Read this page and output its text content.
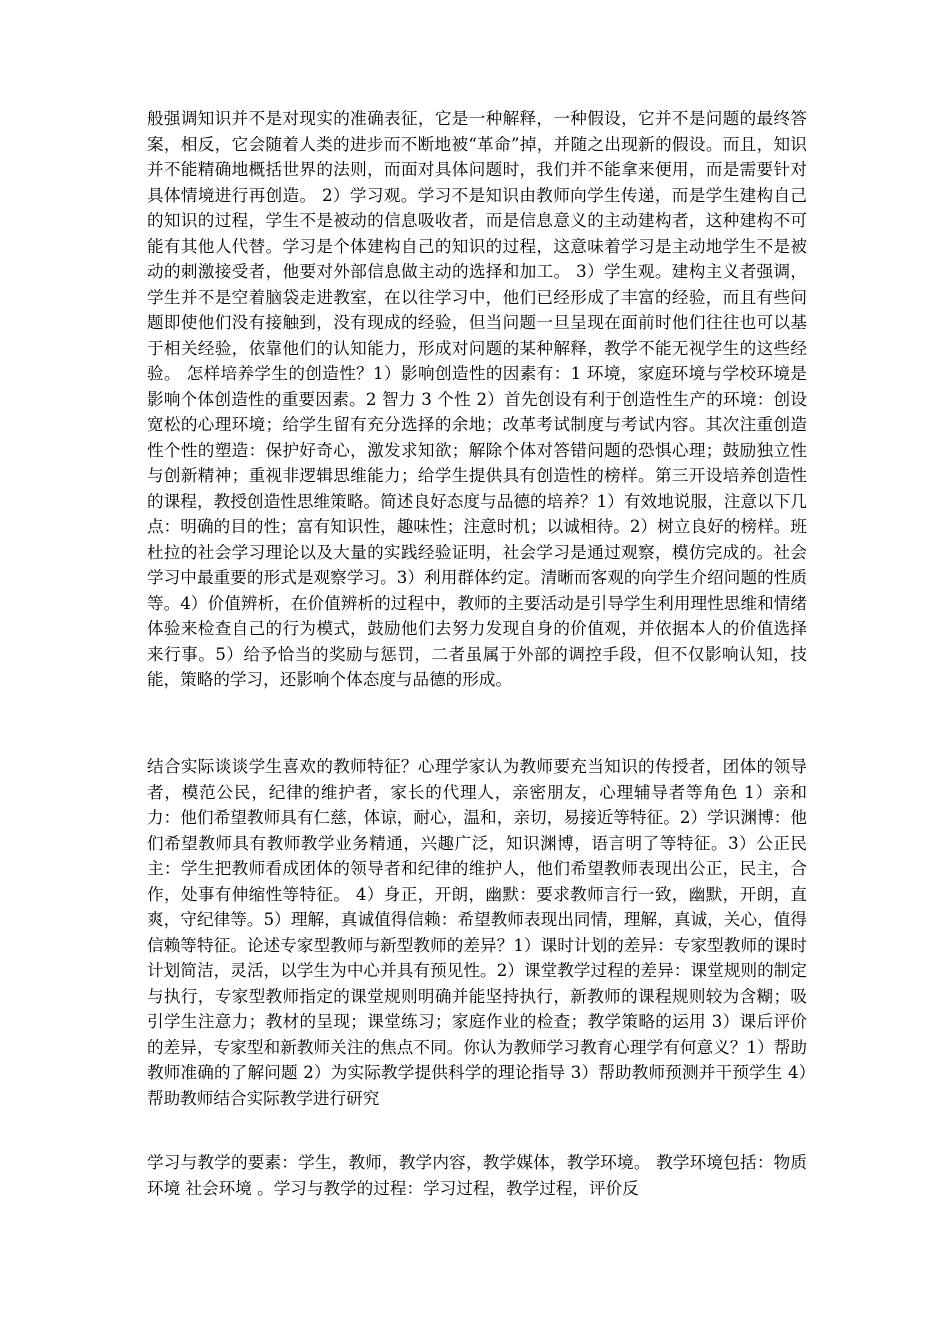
般强调知识并不是对现实的准确表征，它是一种解释，一种假设，它并不是问题的最终答案，相反，它会随着人类的进步而不断地被“革命”掉，并随之出现新的假设。而且，知识并不能精确地概括世界的法则，而面对具体问题时，我们并不能拿来便用，而是需要针对具体情境进行再创造。 2）学习观。学习不是知识由教师向学生传递，而是学生建构自己的知识的过程，学生不是被动的信息吸收者，而是信息意义的主动建构者，这种建构不可能有其他人代替。学习是个体建构自己的知识的过程，这意味着学习是主动地学生不是被动的刺激接受者，他要对外部信息做主动的选择和加工。 3）学生观。建构主义者强调，学生并不是空着脑袋走进教室，在以往学习中，他们已经形成了丰富的经验，而且有些问题即使他们没有接触到，没有现成的经验，但当问题一旦呈现在面前时他们往往也可以基于相关经验，依靠他们的认知能力，形成对问题的某种解释，教学不能无视学生的这些经验。 怎样培养学生的创造性？1）影响创造性的因素有：1 环境，家庭环境与学校环境是影响个体创造性的重要因素。2 智力 3 个性 2）首先创设有利于创造性生产的环境：创设宽松的心理环境；给学生留有充分选择的余地；改革考试制度与考试内容。其次注重创造性个性的塑造：保护好奇心，激发求知欲；解除个体对答错问题的恐惧心理；鼓励独立性与创新精神；重视非逻辑思维能力；给学生提供具有创造性的榜样。第三开设培养创造性的课程，教授创造性思维策略。简述良好态度与品德的培养？1）有效地说服，注意以下几点：明确的目的性；富有知识性，趣味性；注意时机；以诚相待。2）树立良好的榜样。班杜拉的社会学习理论以及大量的实践经验证明，社会学习是通过观察，模仿完成的。社会学习中最重要的形式是观察学习。3）利用群体约定。清晰而客观的向学生介绍问题的性质等。4）价值辨析，在价值辨析的过程中，教师的主要活动是引导学生利用理性思维和情绪体验来检查自己的行为模式，鼓励他们去努力发现自身的价值观，并依据本人的价值选择来行事。5）给予恰当的奖励与惩罚，二者虽属于外部的调控手段，但不仅影响认知，技能，策略的学习，还影响个体态度与品德的形成。

结合实际谈谈学生喜欢的教师特征？心理学家认为教师要充当知识的传授者，团体的领导者，模范公民，纪律的维护者，家长的代理人，亲密朋友，心理辅导者等角色 1）亲和力：他们希望教师具有仁慈，体谅，耐心，温和，亲切，易接近等特征。2）学识渊博：他们希望教师具有教师教学业务精通，兴趣广泛，知识渊博，语言明了等特征。3）公正民主：学生把教师看成团体的领导者和纪律的维护人，他们希望教师表现出公正，民主，合作，处事有伸缩性等特征。 4）身正，开朗，幽默：要求教师言行一致，幽默，开朗，直爽，守纪律等。5）理解，真诚值得信赖：希望教师表现出同情，理解，真诚，关心，值得信赖等特征。论述专家型教师与新型教师的差异？1）课时计划的差异：专家型教师的课时计划简洁，灵活，以学生为中心并具有预见性。2）课堂教学过程的差异：课堂规则的制定与执行，专家型教师指定的课堂规则明确并能坚持执行，新教师的课程规则较为含糊；吸引学生注意力；教材的呈现；课堂练习；家庭作业的检查；教学策略的运用 3）课后评价的差异，专家型和新教师关注的焦点不同。你认为教师学习教育心理学有何意义？1）帮助教师准确的了解问题 2）为实际教学提供科学的理论指导 3）帮助教师预测并干预学生 4）帮助教师结合实际教学进行研究

学习与教学的要素：学生，教师，教学内容，教学媒体，教学环境。 教学环境包括：物质环境 社会环境 。学习与教学的过程：学习过程，教学过程，评价反
